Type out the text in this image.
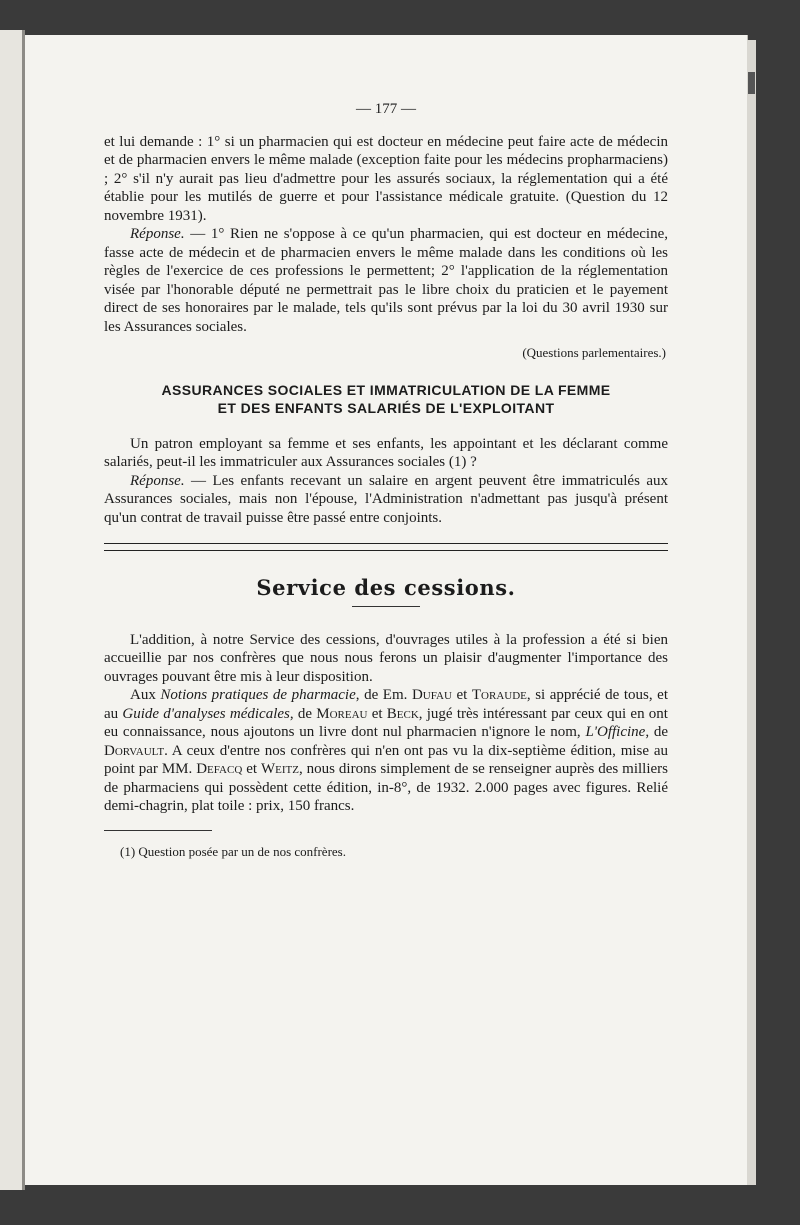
— 177 —

et lui demande : 1° si un pharmacien qui est docteur en médecine peut faire acte de médecin et de pharmacien envers le même malade (exception faite pour les médecins propharmaciens) ; 2° s'il n'y aurait pas lieu d'admettre pour les assurés sociaux, la réglementation qui a été établie pour les mutilés de guerre et pour l'assistance médicale gratuite. (Question du 12 novembre 1931).

Réponse. — 1° Rien ne s'oppose à ce qu'un pharmacien, qui est docteur en médecine, fasse acte de médecin et de pharmacien envers le même malade dans les conditions où les règles de l'exercice de ces professions le permettent; 2° l'application de la réglementation visée par l'honorable député ne permettrait pas le libre choix du praticien et le payement direct de ses honoraires par le malade, tels qu'ils sont prévus par la loi du 30 avril 1930 sur les Assurances sociales.

(Questions parlementaires.)
ASSURANCES SOCIALES ET IMMATRICULATION DE LA FEMME
ET DES ENFANTS SALARIÉS DE L'EXPLOITANT

Un patron employant sa femme et ses enfants, les appointant et les déclarant comme salariés, peut-il les immatriculer aux Assurances sociales (1) ?

Réponse. — Les enfants recevant un salaire en argent peuvent être immatriculés aux Assurances sociales, mais non l'épouse, l'Administration n'admettant pas jusqu'à présent qu'un contrat de travail puisse être passé entre conjoints.

Service des cessions.

L'addition, à notre Service des cessions, d'ouvrages utiles à la profession a été si bien accueillie par nos confrères que nous nous ferons un plaisir d'augmenter l'importance des ouvrages pouvant être mis à leur disposition.

Aux Notions pratiques de pharmacie, de Em. Dufau et Toraude, si apprécié de tous, et au Guide d'analyses médicales, de Moreau et Beck, jugé très intéressant par ceux qui en ont eu connaissance, nous ajoutons un livre dont nul pharmacien n'ignore le nom, L'Officine, de Dorvault. A ceux d'entre nos confrères qui n'en ont pas vu la dix-septième édition, mise au point par MM. Defacq et Weitz, nous dirons simplement de se renseigner auprès des milliers de pharmaciens qui possèdent cette édition, in-8°, de 1932. 2.000 pages avec figures. Relié demi-chagrin, plat toile : prix, 150 francs.

(1) Question posée par un de nos confrères.
